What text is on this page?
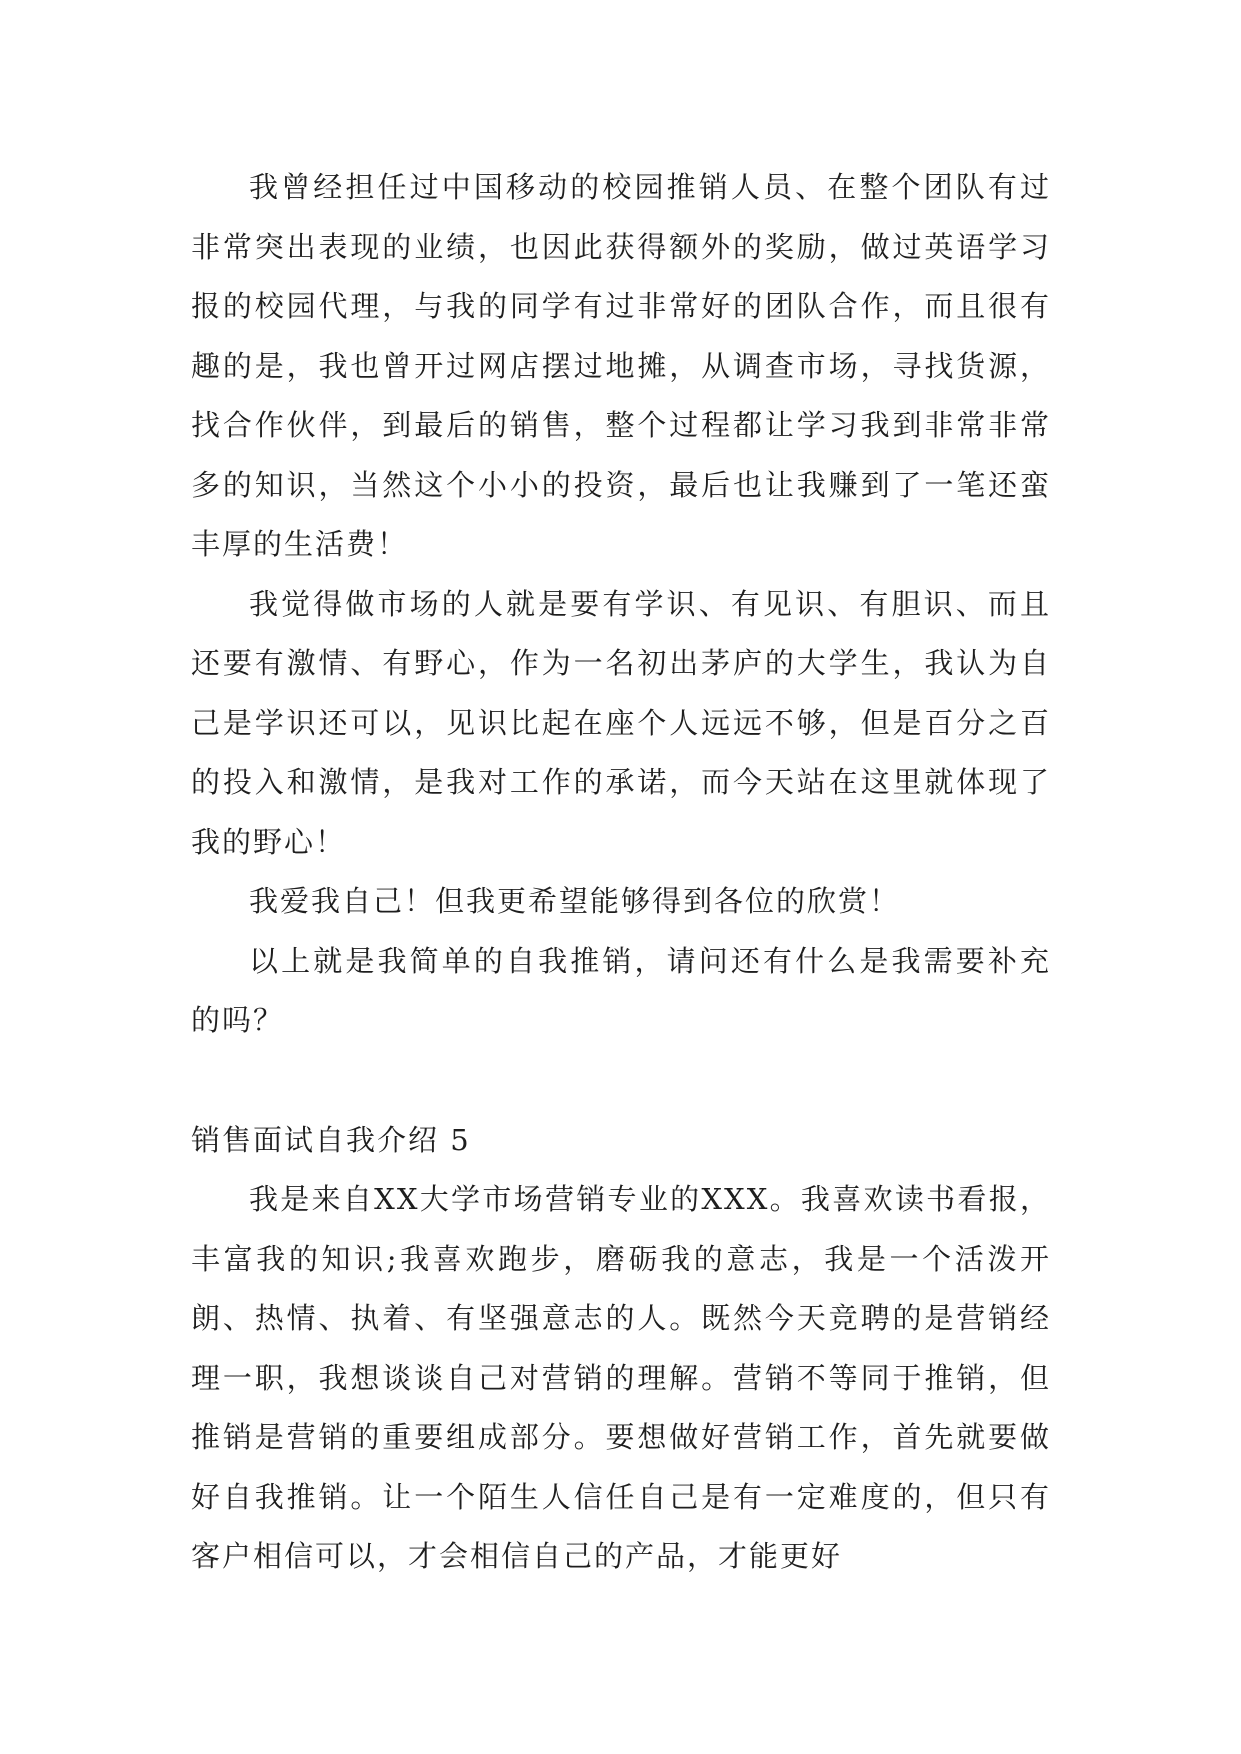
我曾经担任过中国移动的校园推销人员、在整个团队有过非常突出表现的业绩，也因此获得额外的奖励，做过英语学习报的校园代理，与我的同学有过非常好的团队合作，而且很有趣的是，我也曾开过网店摆过地摊，从调查市场，寻找货源，找合作伙伴，到最后的销售，整个过程都让学习我到非常非常多的知识，当然这个小小的投资，最后也让我赚到了一笔还蛮丰厚的生活费！

我觉得做市场的人就是要有学识、有见识、有胆识、而且还要有激情、有野心，作为一名初出茅庐的大学生，我认为自己是学识还可以，见识比起在座个人远远不够，但是百分之百的投入和激情，是我对工作的承诺，而今天站在这里就体现了我的野心！

我爱我自己！但我更希望能够得到各位的欣赏！

以上就是我简单的自我推销，请问还有什么是我需要补充的吗？

销售面试自我介绍 5

我是来自XX大学市场营销专业的XXX。我喜欢读书看报，丰富我的知识;我喜欢跑步，磨砺我的意志，我是一个活泼开朗、热情、执着、有坚强意志的人。既然今天竞聘的是营销经理一职，我想谈谈自己对营销的理解。营销不等同于推销，但推销是营销的重要组成部分。要想做好营销工作，首先就要做好自我推销。让一个陌生人信任自己是有一定难度的，但只有客户相信可以，才会相信自己的产品，才能更好
